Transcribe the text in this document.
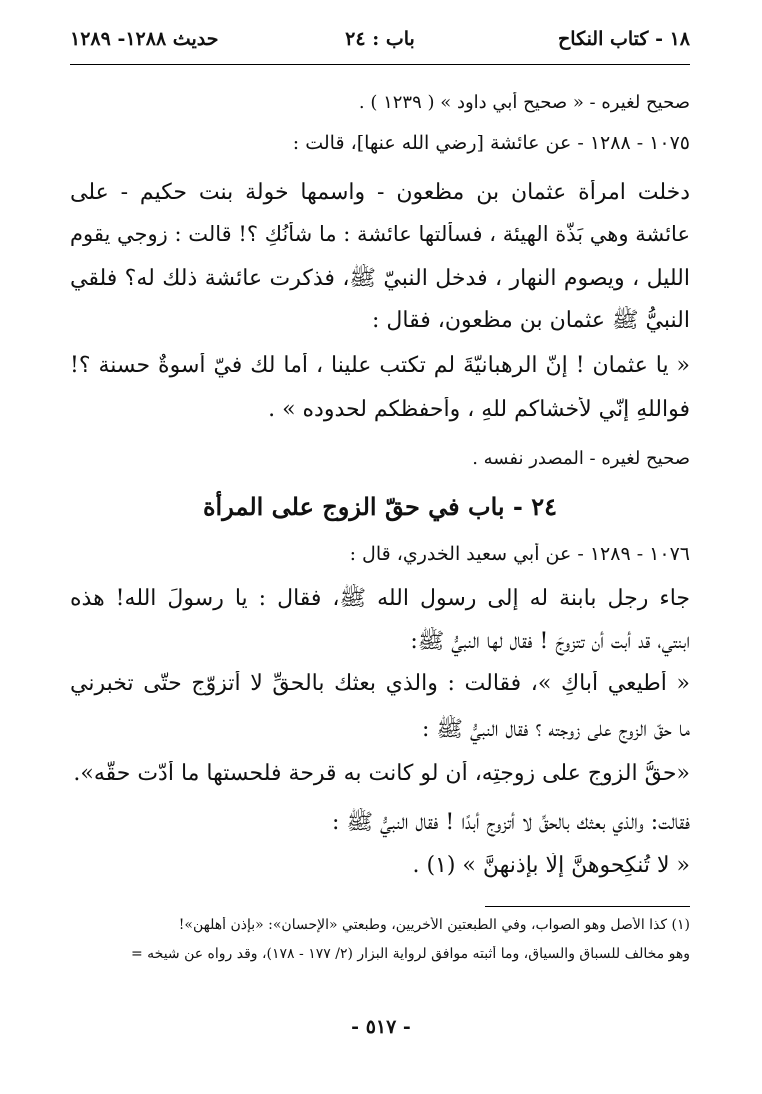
١٨ - كتاب النكاح
باب : ٢٤
حديث ١٢٨٨- ١٢٨٩
صحيح لغيره - « صحيح أبي داود » ( ١٢٣٩ ) .
١٠٧٥ - ١٢٨٨ - عن عائشة [رضي الله عنها]، قالت :
دخلت امرأة عثمان بن مظعون - واسمها خولة بنت حكيم - على
عائشة وهي بَذّة الهيئة ، فسألتها عائشة : ما شأنُكِ ؟! قالت : زوجي يقوم
الليل ، ويصوم النهار ، فدخل النبيّ ﷺ، فذكرت عائشة ذلك له؟ فلقي
النبيُّ ﷺ عثمان بن مظعون، فقال :
« يا عثمان ! إنّ الرهبانيّةَ لم تكتب علينا ، أما لك فيّ أُسوةٌ حسنة ؟!
فواللهِ إنّي لأخشاكم للهِ ، وأحفظكم لحدوده » .
صحيح لغيره - المصدر نفسه .
٢٤ - باب في حقّ الزوج على المرأة
١٠٧٦ - ١٢٨٩ - عن أبي سعيد الخدري، قال :
جاء رجل بابنة له إلى رسول الله ﷺ، فقال : يا رسولَ الله! هذه
ابنتي، قد أبت أن تتزوجَ ! فقال لها النبيُّ ﷺ:
« أطيعي أباكِ »، فقالت : والذي بعثك بالحقِّ لا أتزوّج حتّى تخبرني
ما حقّ الزوج على زوجته ؟ فقال النبيُّ ﷺ :
«حقُّ الزوج على زوجتِه، أن لو كانت به قرحة فلحستها ما أدّت حقّه».
فقالت: والذي بعثك بالحقِّ لا أتزوج أبدًا ! فقال النبيُّ ﷺ :
« لا تُنكِحوهنَّ إلّا بإذنهنَّ » (١) .
(١) كذا الأصل وهو الصواب، وفي الطبعتين الأخريين، وطبعتي «الإحسان»: «بإذن أهلهن»!
وهو مخالف للسباق والسياق، وما أثبته موافق لرواية البزار (٢/ ١٧٧ - ١٧٨)، وقد رواه عن شيخه =
- ٥١٧ -
